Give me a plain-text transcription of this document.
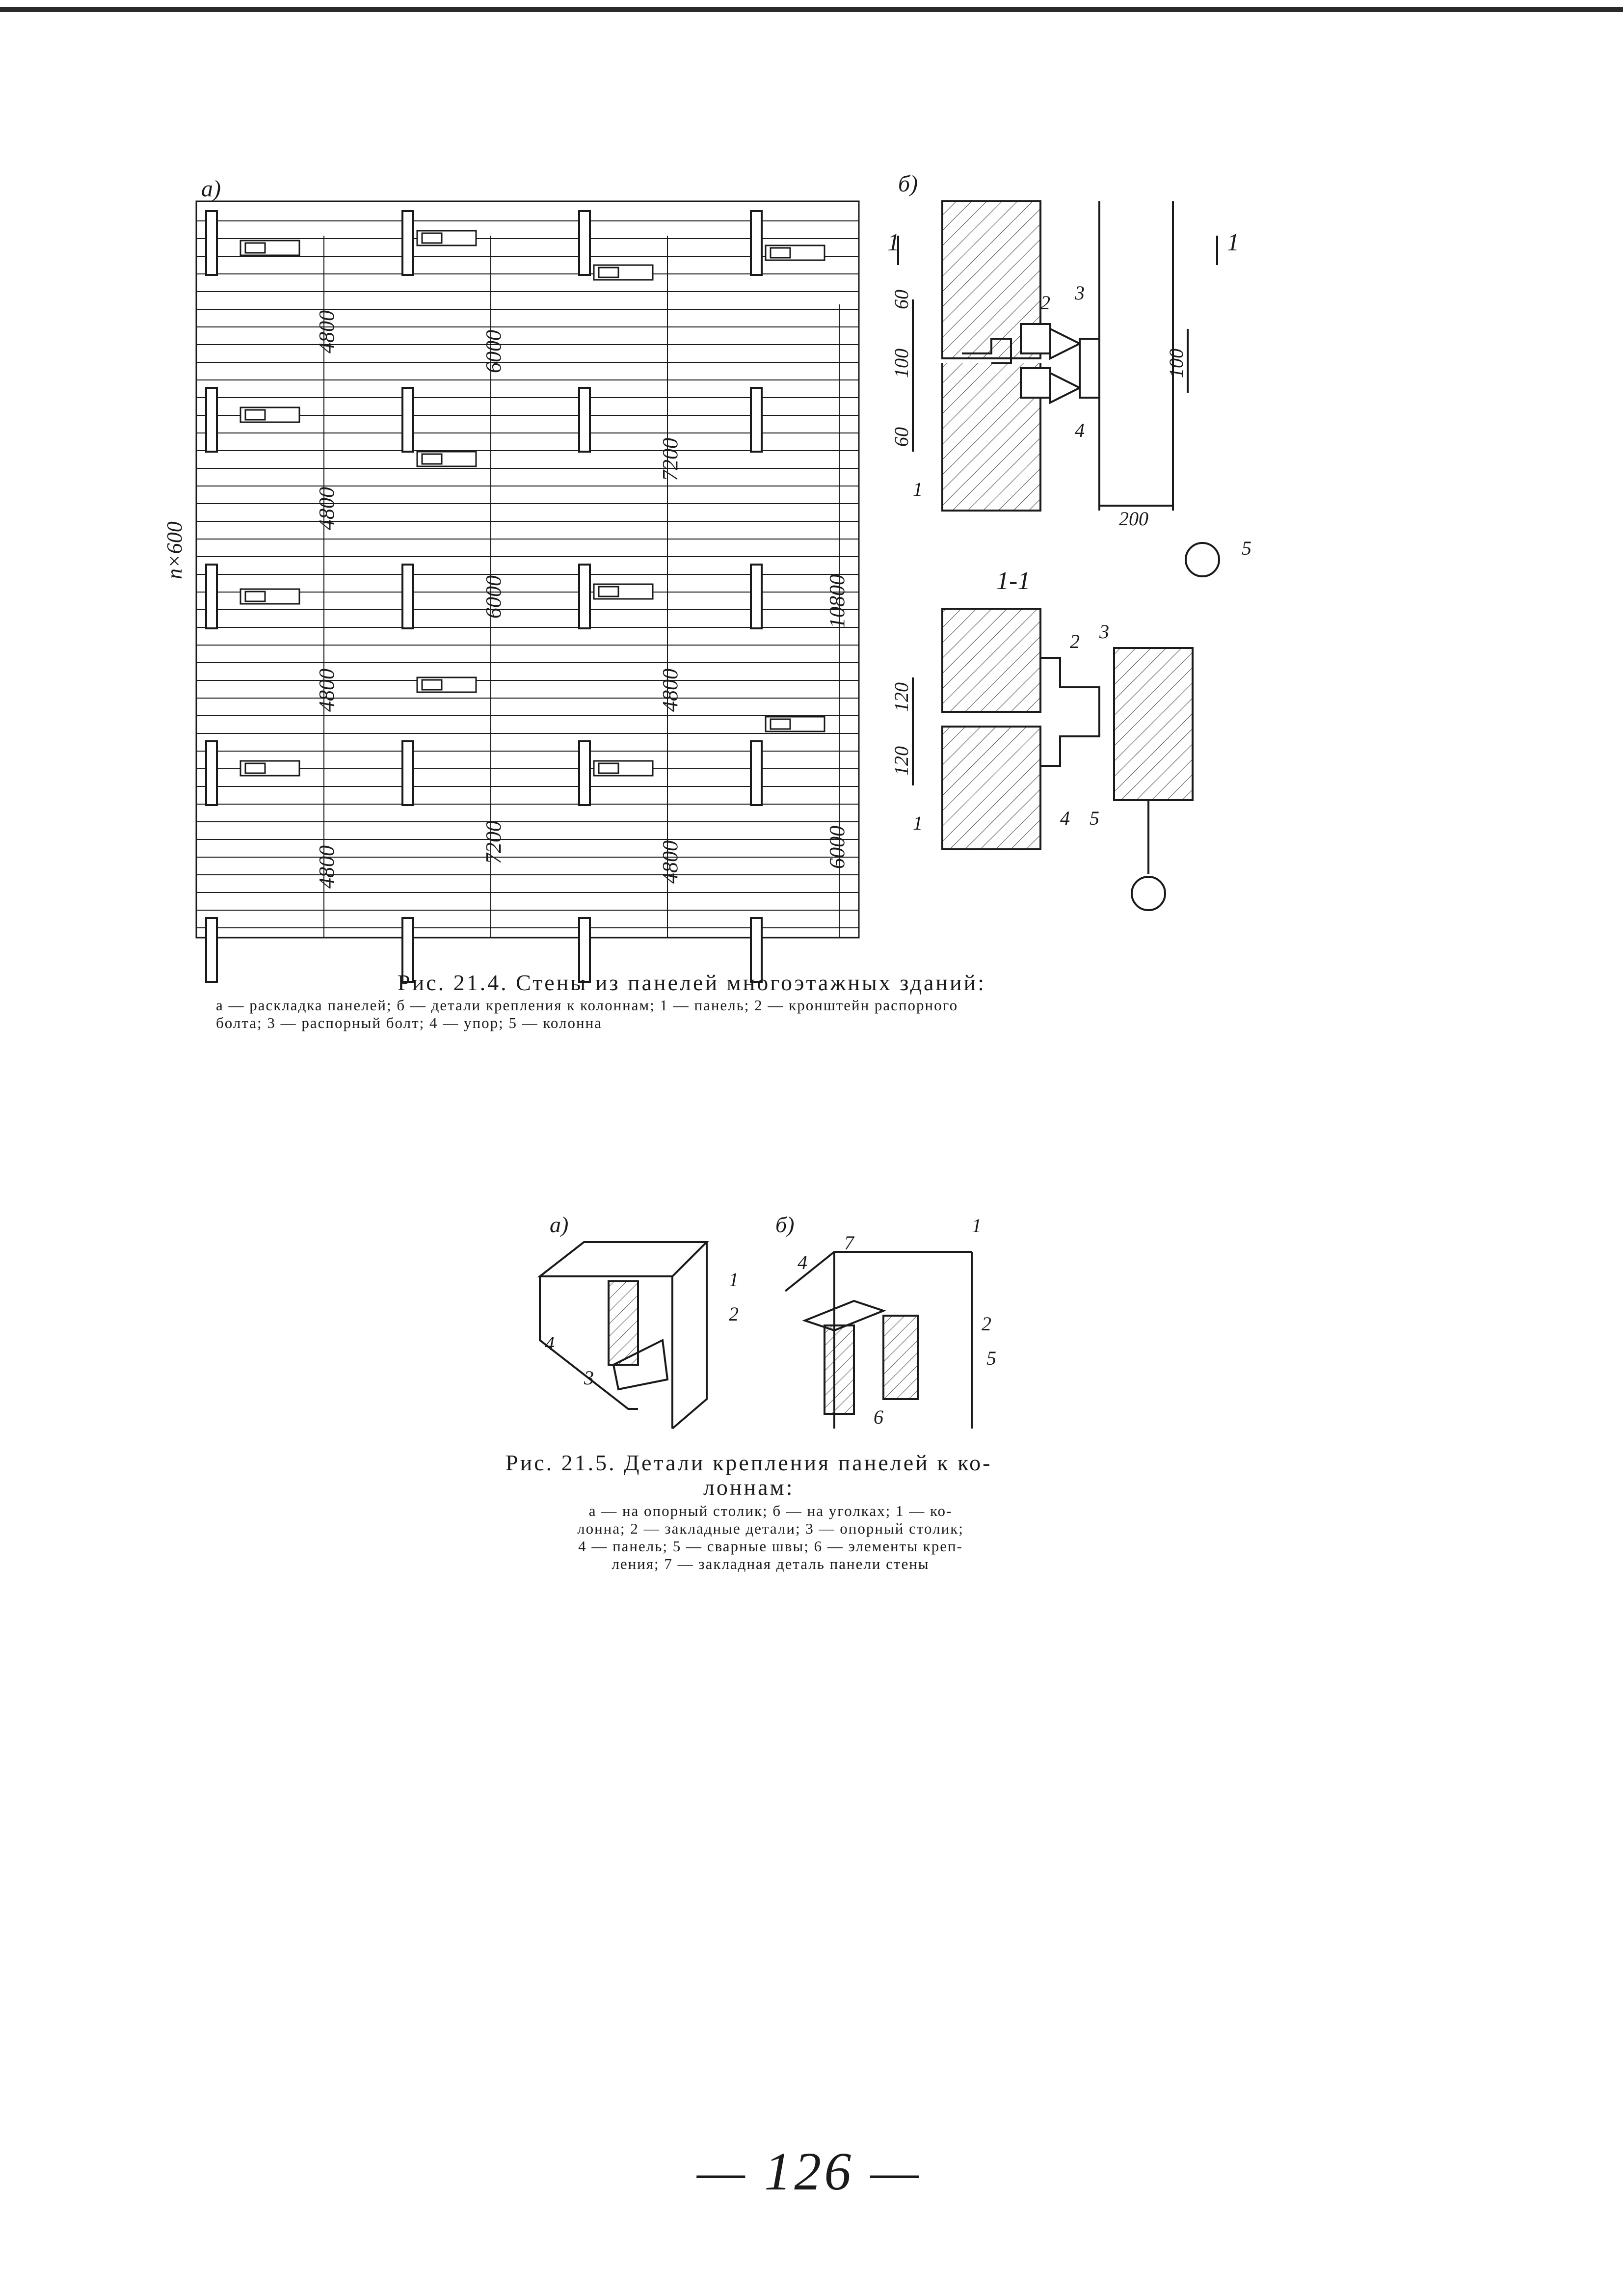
а)
n×600
4800
4800
4800
4800
6000
6000
7200
7200
4800
4800
10800
6000
б)
60
100
60
100
200
1	1
2 3
4
1
5
1-1
120
120
1
2 3
4 5
Рис. 21.4. Стены из панелей многоэтажных зданий:
а — раскладка панелей; б — детали крепления к колоннам; 1 — панель; 2 — кронштейн распорного
болта; 3 — распорный болт; 4 — упор; 5 — колонна
а)	б)
1
2
3
4
1
2
4
5
6
7
Рис. 21.5. Детали крепления панелей к ко-
лоннам:
а — на опорный столик; б — на уголках; 1 — ко-
лонна; 2 — закладные детали; 3 — опорный столик;
4 — панель; 5 — сварные швы; 6 — элементы креп-
ления; 7 — закладная деталь панели стены
— 126 —
